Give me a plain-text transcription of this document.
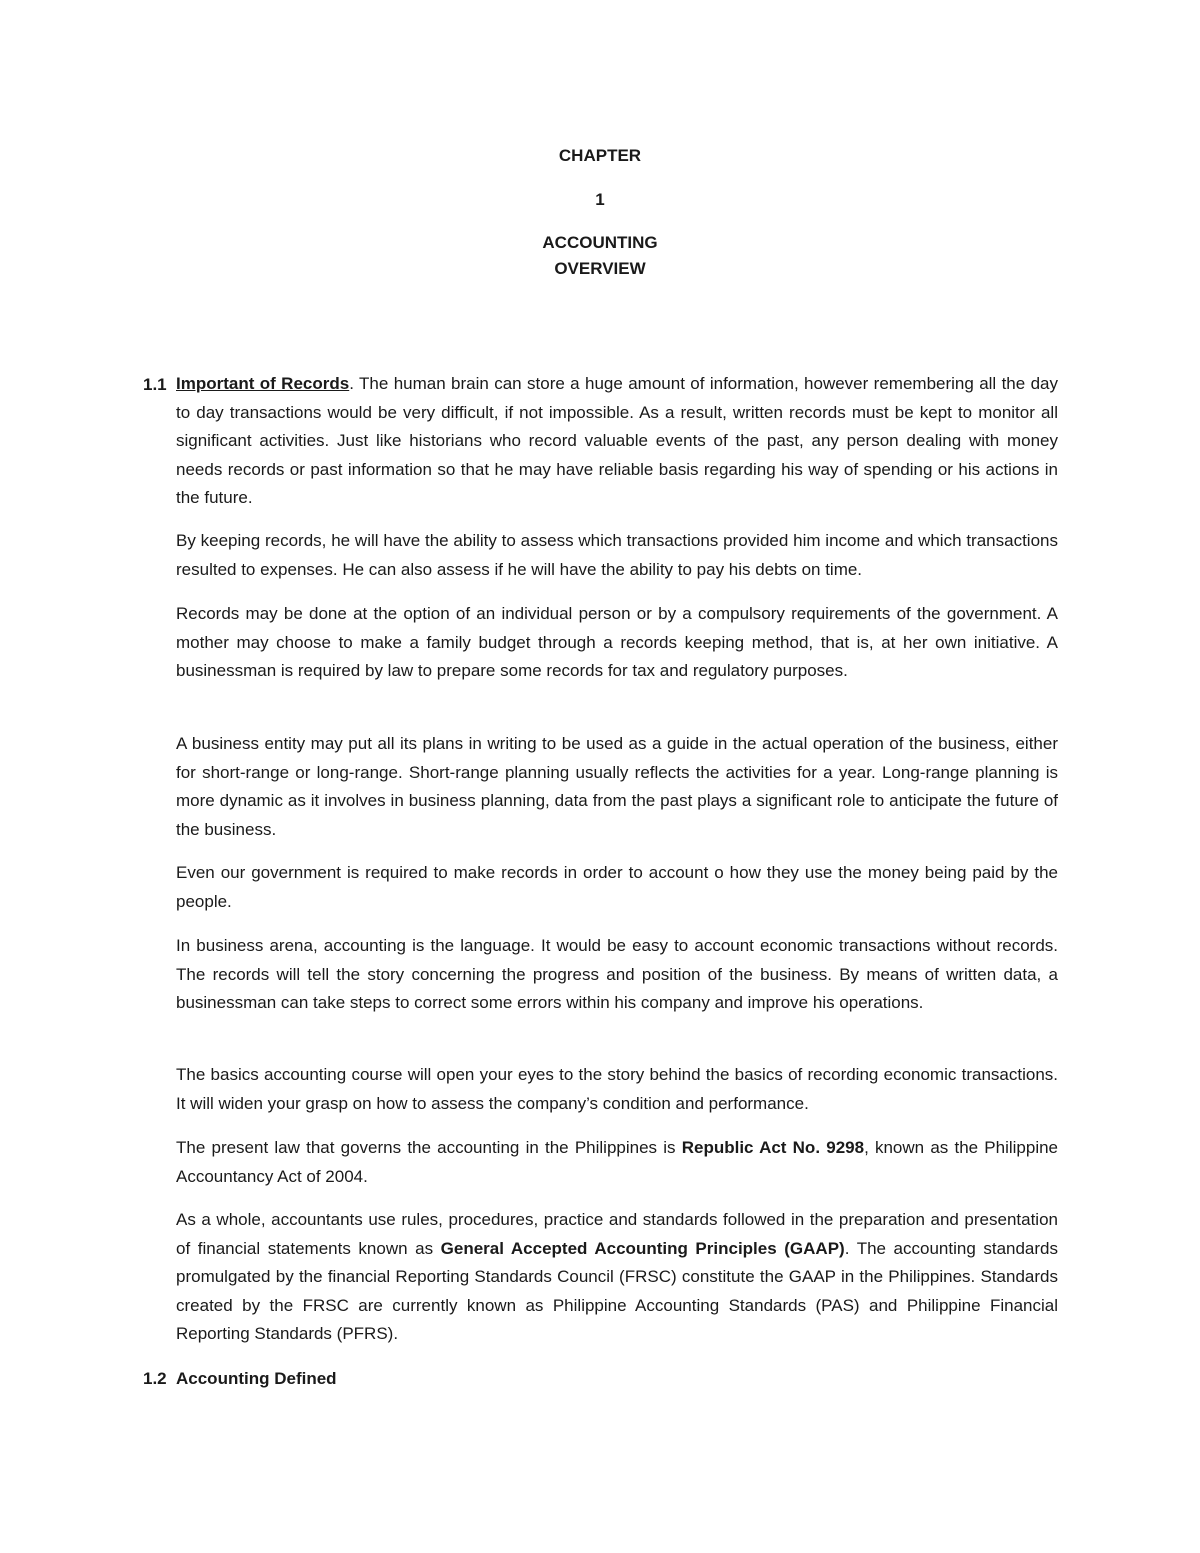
CHAPTER
1
ACCOUNTING
OVERVIEW
1.1 Important of Records. The human brain can store a huge amount of information, however remembering all the day to day transactions would be very difficult, if not impossible. As a result, written records must be kept to monitor all significant activities. Just like historians who record valuable events of the past, any person dealing with money needs records or past information so that he may have reliable basis regarding his way of spending or his actions in the future.
By keeping records, he will have the ability to assess which transactions provided him income and which transactions resulted to expenses. He can also assess if he will have the ability to pay his debts on time.
Records may be done at the option of an individual person or by a compulsory requirements of the government. A mother may choose to make a family budget through a records keeping method, that is, at her own initiative. A businessman is required by law to prepare some records for tax and regulatory purposes.
A business entity may put all its plans in writing to be used as a guide in the actual operation of the business, either for short-range or long-range. Short-range planning usually reflects the activities for a year. Long-range planning is more dynamic as it involves in business planning, data from the past plays a significant role to anticipate the future of the business.
Even our government is required to make records in order to account o how they use the money being paid by the people.
In business arena, accounting is the language. It would be easy to account economic transactions without records. The records will tell the story concerning the progress and position of the business. By means of written data, a businessman can take steps to correct some errors within his company and improve his operations.
The basics accounting course will open your eyes to the story behind the basics of recording economic transactions. It will widen your grasp on how to assess the company’s condition and performance.
The present law that governs the accounting in the Philippines is Republic Act No. 9298, known as the Philippine Accountancy Act of 2004.
As a whole, accountants use rules, procedures, practice and standards followed in the preparation and presentation of financial statements known as General Accepted Accounting Principles (GAAP). The accounting standards promulgated by the financial Reporting Standards Council (FRSC) constitute the GAAP in the Philippines. Standards created by the FRSC are currently known as Philippine Accounting Standards (PAS) and Philippine Financial Reporting Standards (PFRS).
1.2 Accounting Defined
